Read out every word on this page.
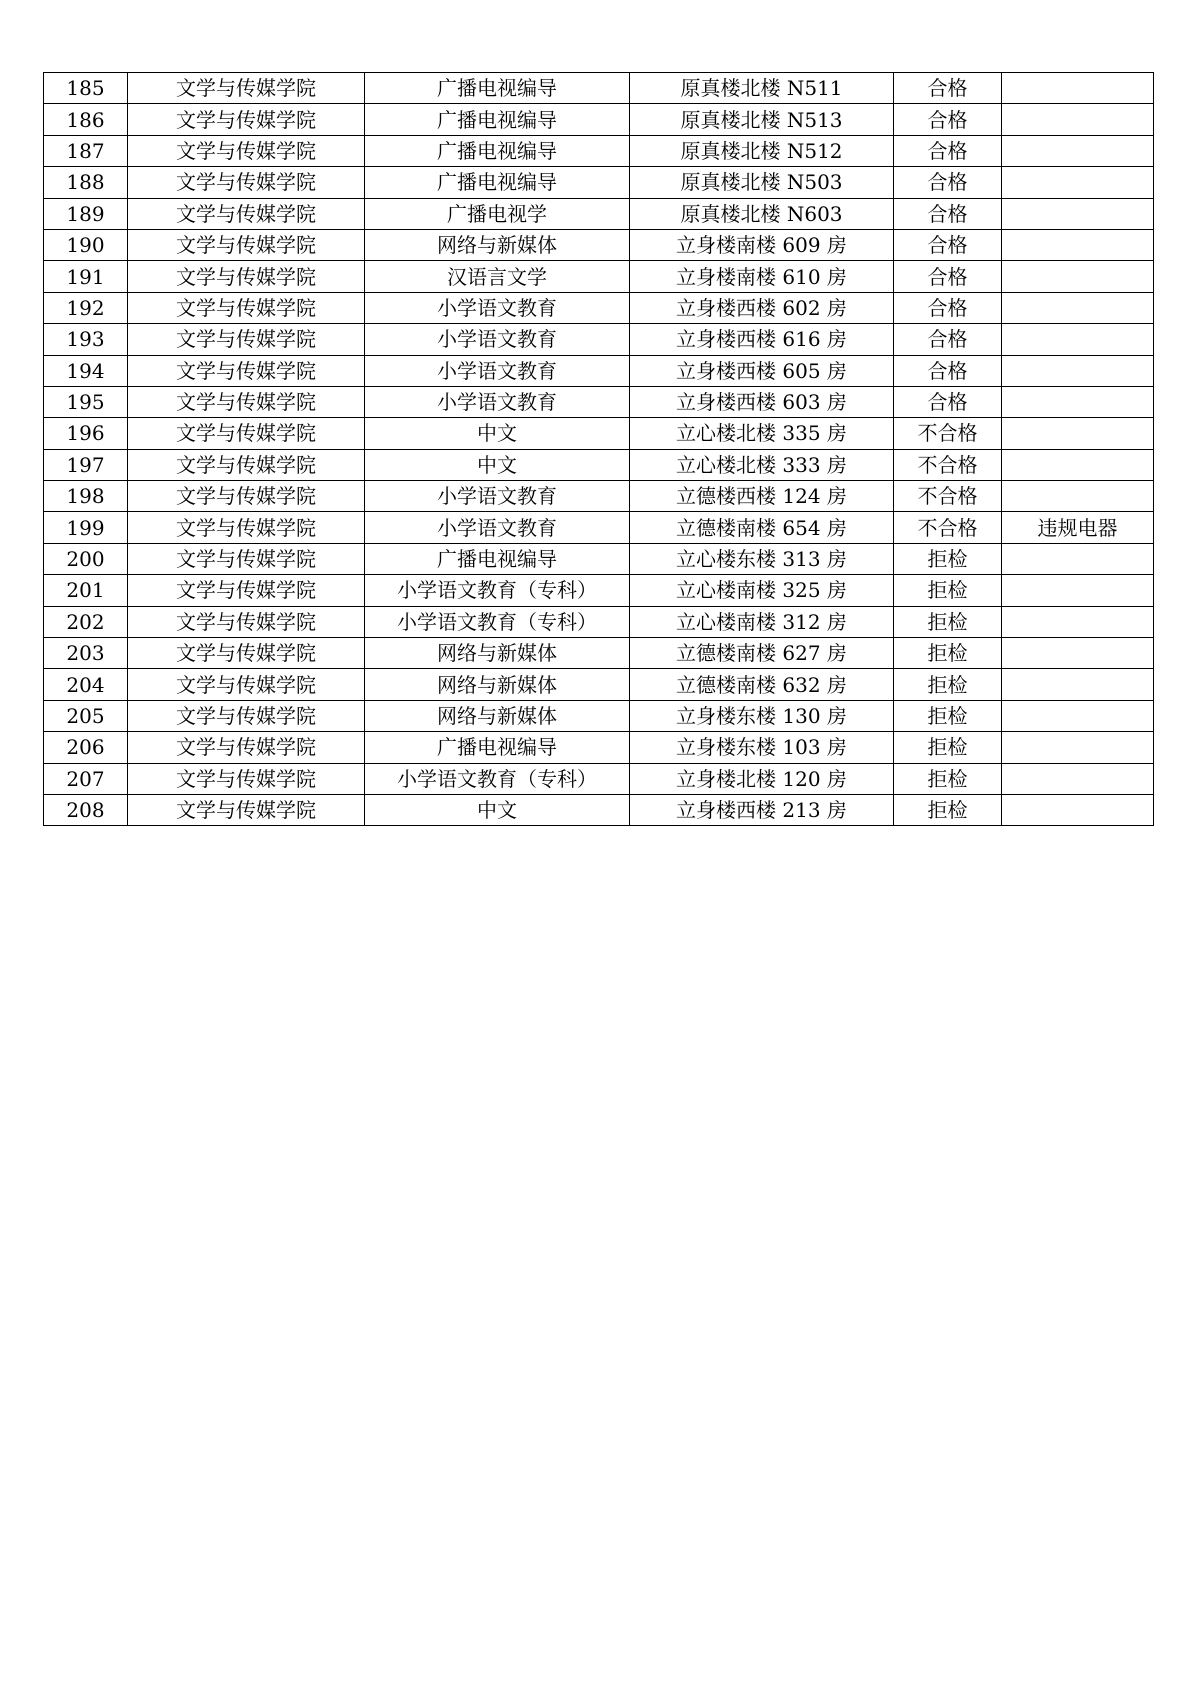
185	文学与传媒学院	广播电视编导	原真楼北楼 N511	合格	
186	文学与传媒学院	广播电视编导	原真楼北楼 N513	合格	
187	文学与传媒学院	广播电视编导	原真楼北楼 N512	合格	
188	文学与传媒学院	广播电视编导	原真楼北楼 N503	合格	
189	文学与传媒学院	广播电视学	原真楼北楼 N603	合格	
190	文学与传媒学院	网络与新媒体	立身楼南楼 609 房	合格	
191	文学与传媒学院	汉语言文学	立身楼南楼 610 房	合格	
192	文学与传媒学院	小学语文教育	立身楼西楼 602 房	合格	
193	文学与传媒学院	小学语文教育	立身楼西楼 616 房	合格	
194	文学与传媒学院	小学语文教育	立身楼西楼 605 房	合格	
195	文学与传媒学院	小学语文教育	立身楼西楼 603 房	合格	
196	文学与传媒学院	中文	立心楼北楼 335 房	不合格	
197	文学与传媒学院	中文	立心楼北楼 333 房	不合格	
198	文学与传媒学院	小学语文教育	立德楼西楼 124 房	不合格	
199	文学与传媒学院	小学语文教育	立德楼南楼 654 房	不合格	违规电器
200	文学与传媒学院	广播电视编导	立心楼东楼 313 房	拒检	
201	文学与传媒学院	小学语文教育（专科）	立心楼南楼 325 房	拒检	
202	文学与传媒学院	小学语文教育（专科）	立心楼南楼 312 房	拒检	
203	文学与传媒学院	网络与新媒体	立德楼南楼 627 房	拒检	
204	文学与传媒学院	网络与新媒体	立德楼南楼 632 房	拒检	
205	文学与传媒学院	网络与新媒体	立身楼东楼 130 房	拒检	
206	文学与传媒学院	广播电视编导	立身楼东楼 103 房	拒检	
207	文学与传媒学院	小学语文教育（专科）	立身楼北楼 120 房	拒检	
208	文学与传媒学院	中文	立身楼西楼 213 房	拒检	
